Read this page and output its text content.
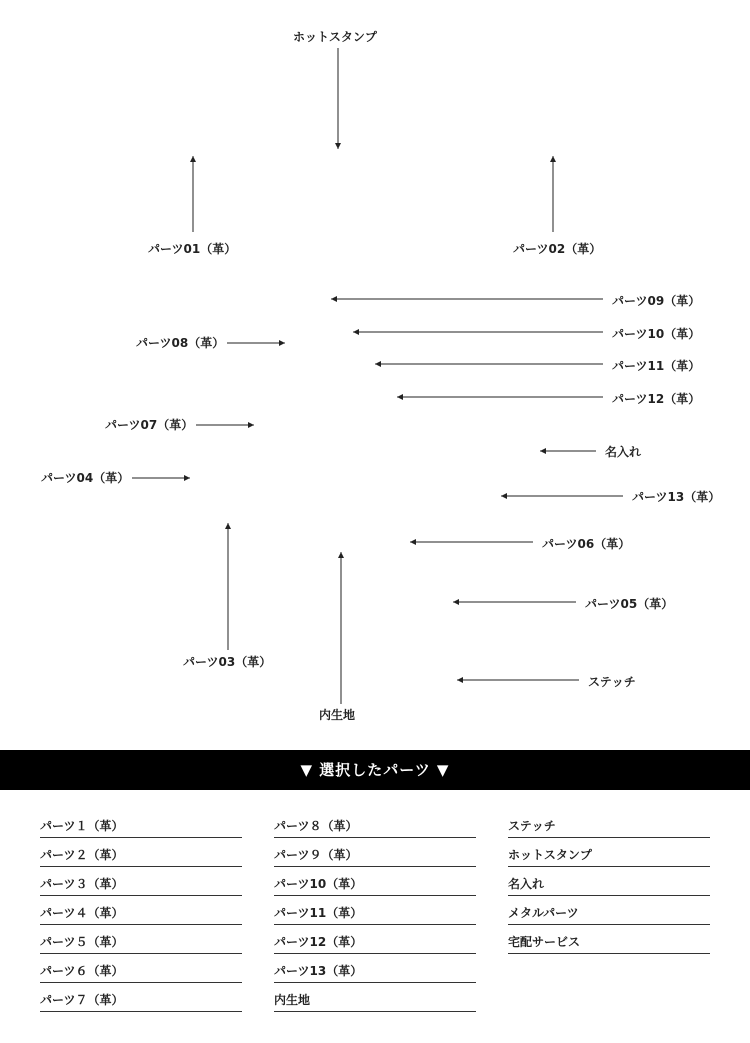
ホットスタンプ
パーツ01（革）	パーツ02（革）
パーツ09（革）
パーツ10（革）
パーツ08（革）
パーツ11（革）
パーツ12（革）
パーツ07（革）
名入れ
パーツ04（革）
パーツ13（革）
パーツ06（革）
パーツ05（革）
パーツ03（革）
ステッチ
内生地
▼ 選択したパーツ ▼
パーツ１（革）
パーツ２（革）
パーツ３（革）
パーツ４（革）
パーツ５（革）
パーツ６（革）
パーツ７（革）
パーツ８（革）
パーツ９（革）
パーツ10（革）
パーツ11（革）
パーツ12（革）
パーツ13（革）
内生地
ステッチ
ホットスタンプ
名入れ
メタルパーツ
宅配サービス
